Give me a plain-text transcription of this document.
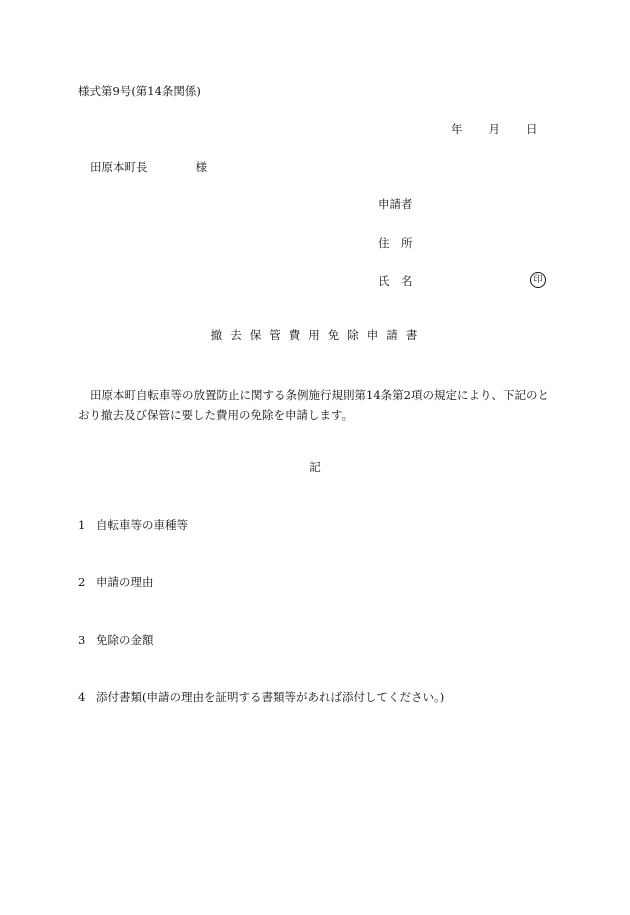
様式第9号(第14条関係)
年 月 日
田原本町長	様
申請者
住　所
氏　名	印
撤去保管費用免除申請書
田原本町自転車等の放置防止に関する条例施行規則第14条第2項の規定により、下記のとおり撤去及び保管に要した費用の免除を申請します。
記
1 自転車等の車種等
2 申請の理由
3 免除の金額
4 添付書類(申請の理由を証明する書類等があれば添付してください。)
